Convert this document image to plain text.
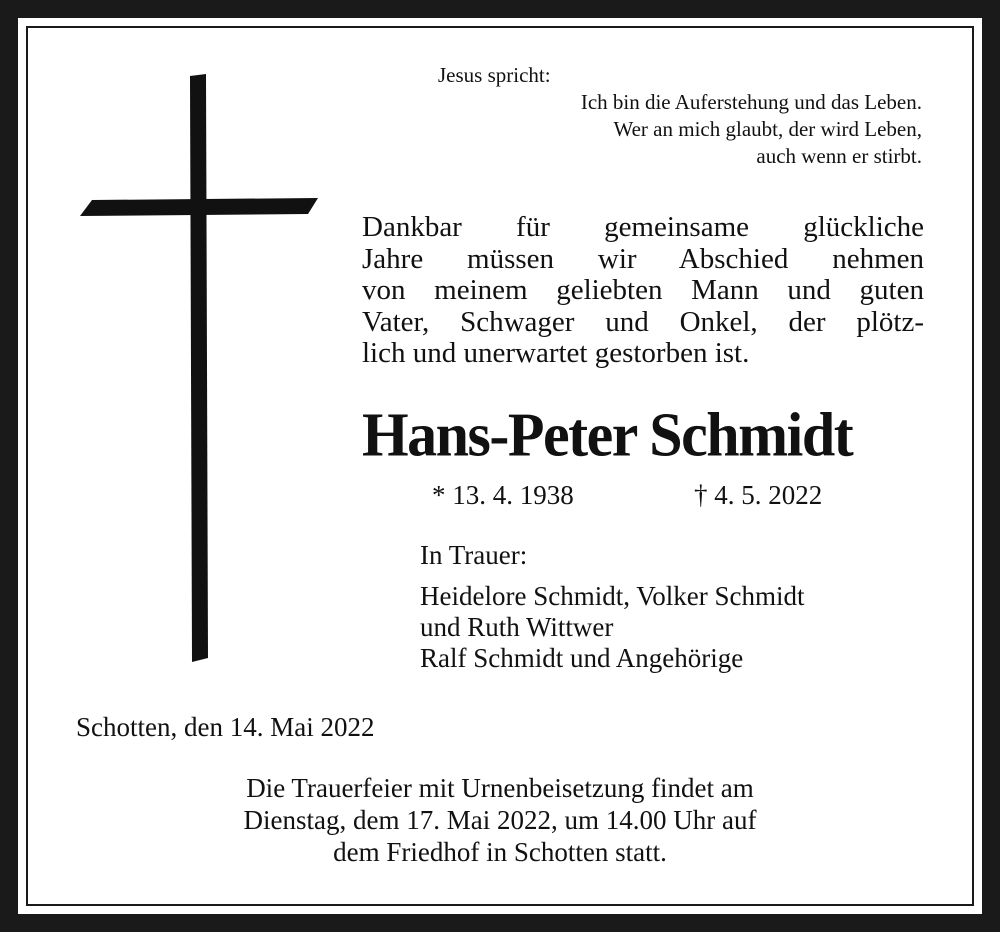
Jesus spricht:
Ich bin die Auferstehung und das Leben.
Wer an mich glaubt, der wird Leben,
auch wenn er stirbt.
Dankbar für gemeinsame glückliche
Jahre müssen wir Abschied nehmen
von meinem geliebten Mann und guten
Vater, Schwager und Onkel, der plötz-
lich und unerwartet gestorben ist.
Hans-Peter Schmidt
* 13. 4. 1938	† 4. 5. 2022
In Trauer:
Heidelore Schmidt, Volker Schmidt
und Ruth Wittwer
Ralf Schmidt und Angehörige
Schotten, den 14. Mai 2022
Die Trauerfeier mit Urnenbeisetzung findet am
Dienstag, dem 17. Mai 2022, um 14.00 Uhr auf
dem Friedhof in Schotten statt.
